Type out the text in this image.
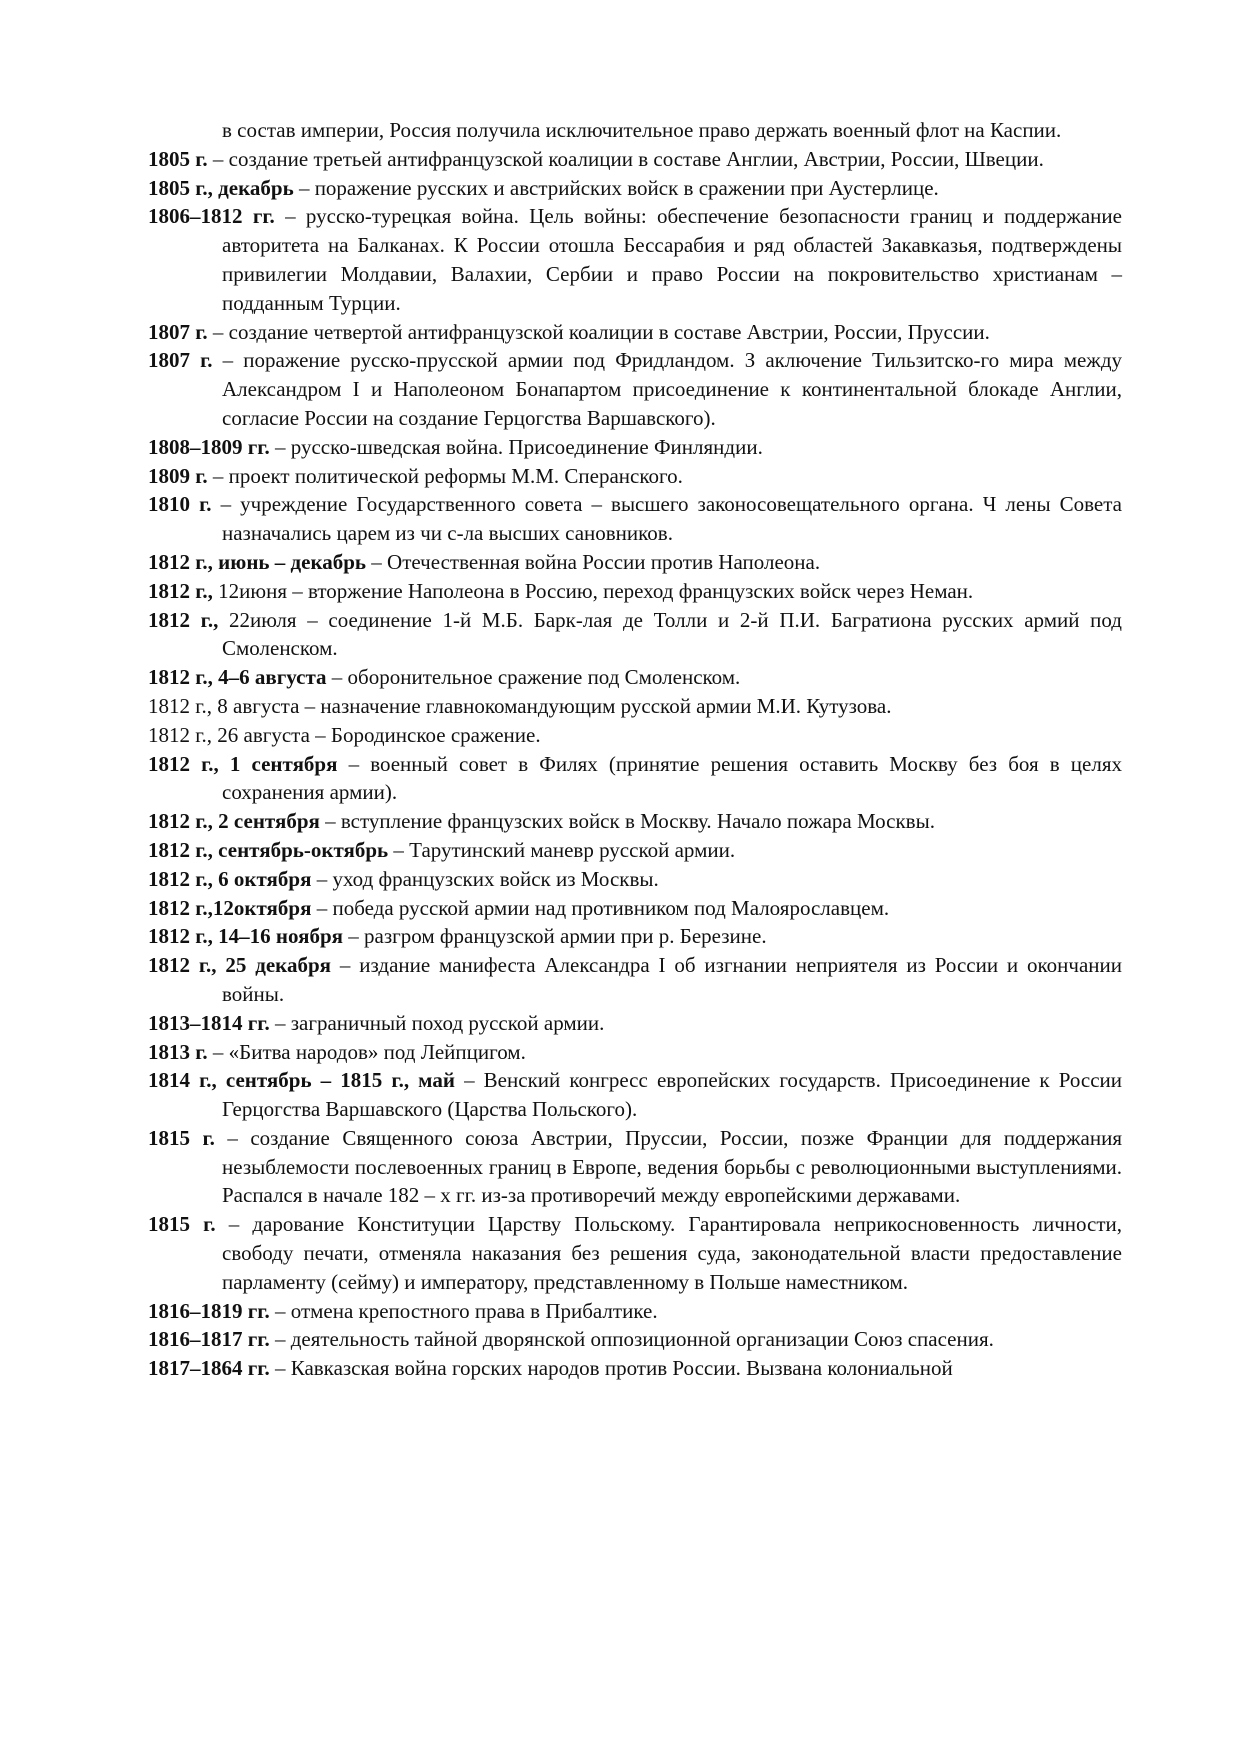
в состав империи, Россия получила исключительное право держать военный флот на Каспии.

1805 г. – создание третьей антифранцузской коалиции в составе Англии, Австрии, России, Швеции.

1805 г., декабрь – поражение русских и австрийских войск в сражении при Аустерлице.

1806–1812 гг. – русско-турецкая война. Цель войны: обеспечение безопасности границ и поддержание авторитета на Балканах. К России отошла Бессарабия и ряд областей Закавказья, подтверждены привилегии Молдавии, Валахии, Сербии и право России на покровительство христианам – подданным Турции.

1807 г. – создание четвертой антифранцузской коалиции в составе Австрии, России, Пруссии.

1807 г. – поражение русско-прусской армии под Фридландом. З аключение Тильзитско-го мира между Александром I и Наполеоном Бонапартом присоединение к континентальной блокаде Англии, согласие России на создание Герцогства Варшавского).

1808–1809 гг. – русско-шведская война. Присоединение Финляндии.

1809 г. – проект политической реформы М.М. Сперанского.

1810 г. – учреждение Государственного совета – высшего законосовещательного органа. Ч лены Совета назначались царем из чи с-ла высших сановников.

1812 г., июнь – декабрь – Отечественная война России против Наполеона.

1812 г., 12июня – вторжение Наполеона в Россию, переход французских войск через Неман.

1812 г., 22июля – соединение 1-й М.Б. Барк-лая де Толли и 2-й П.И. Багратиона русских армий под Смоленском.

1812 г., 4–6 августа – оборонительное сражение под Смоленском.

1812 г., 8 августа – назначение главнокомандующим русской армии М.И. Кутузова.

1812 г., 26 августа – Бородинское сражение.

1812 г., 1 сентября – военный совет в Филях (принятие решения оставить Москву без боя в целях сохранения армии).

1812 г., 2 сентября – вступление французских войск в Москву. Начало пожара Москвы.

1812 г., сентябрь-октябрь – Тарутинский маневр русской армии.

1812 г., 6 октября – уход французских войск из Москвы.

1812 г.,12октября – победа русской армии над противником под Малоярославцем.

1812 г., 14–16 ноября – разгром французской армии при р. Березине.

1812 г., 25 декабря – издание манифеста Александра I об изгнании неприятеля из России и окончании войны.

1813–1814 гг. – заграничный поход русской армии.

1813 г. – «Битва народов» под Лейпцигом.

1814 г., сентябрь – 1815 г., май – Венский конгресс европейских государств. Присоединение к России Герцогства Варшавского (Царства Польского).

1815 г. – создание Священного союза Австрии, Пруссии, России, позже Франции для поддержания незыблемости послевоенных границ в Европе, ведения борьбы с революционными выступлениями. Распался в начале 182 – х гг. из-за противоречий между европейскими державами.

1815 г. – дарование Конституции Царству Польскому. Гарантировала неприкосновенность личности, свободу печати, отменяла наказания без решения суда, законодательной власти предоставление парламенту (сейму) и императору, представленному в Польше наместником.

1816–1819 гг. – отмена крепостного права в Прибалтике.

1816–1817 гг. – деятельность тайной дворянской оппозиционной организации Союз спасения.

1817–1864 гг. – Кавказская война горских народов против России. Вызвана колониальной
